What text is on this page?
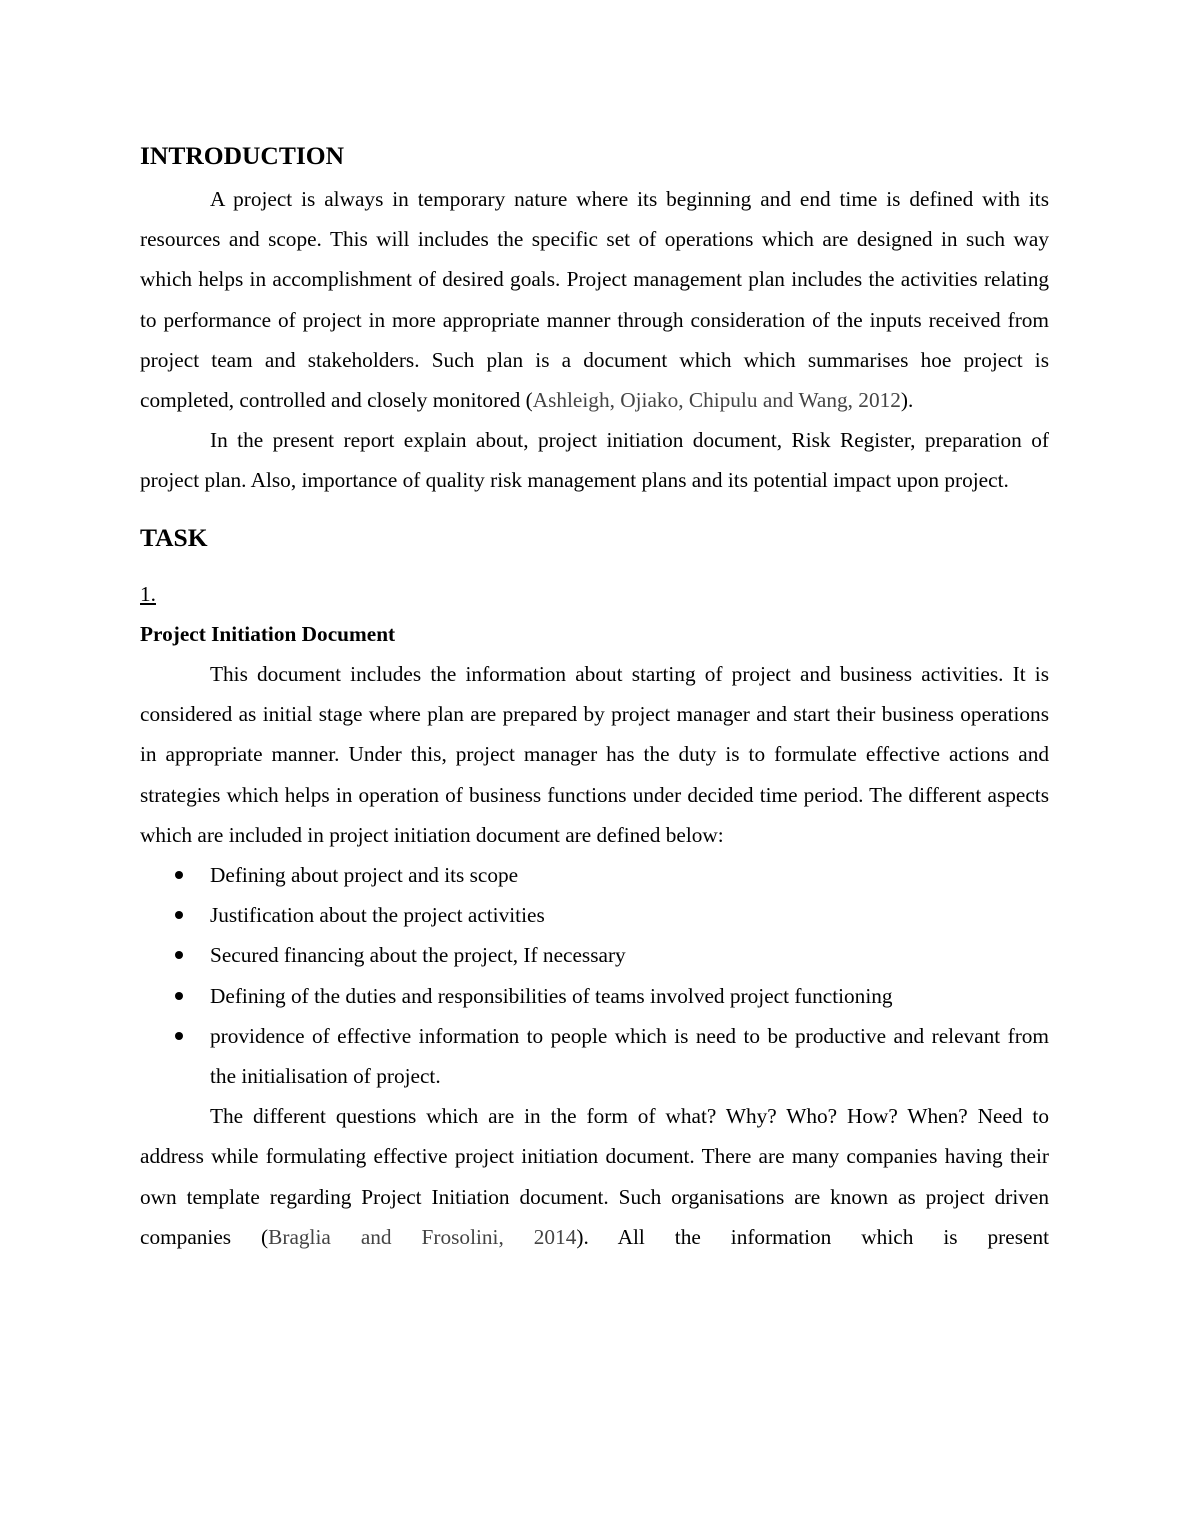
INTRODUCTION

A project is always in temporary nature where its beginning and end time is defined with its resources and scope. This will includes the specific set of operations which are designed in such way which helps in accomplishment of desired goals. Project management plan includes the activities relating to performance of project in more appropriate manner through consideration of the inputs received from project team and stakeholders. Such plan is a document which which summarises hoe project is completed, controlled and closely monitored (Ashleigh, Ojiako, Chipulu and Wang, 2012).

In the present report explain about, project initiation document, Risk Register, preparation of project plan. Also, importance of quality risk management plans and its potential impact upon project.

TASK

1.

Project Initiation Document

This document includes the information about starting of project and business activities. It is considered as initial stage where plan are prepared by project manager and start their business operations in appropriate manner. Under this, project manager has the duty is to formulate effective actions and strategies which helps in operation of business functions under decided time period. The different aspects which are included in project initiation document are defined below:

Defining about project and its scope
Justification about the project activities
Secured financing about the project, If necessary
Defining of the duties and responsibilities of teams involved project functioning
providence of effective information to people which is need to be productive and relevant from the initialisation of project.

The different questions which are in the form of what? Why? Who? How? When? Need to address while formulating effective project initiation document. There are many companies having their own template regarding Project Initiation document. Such organisations are known as project driven companies (Braglia and Frosolini, 2014). All the information which is present
